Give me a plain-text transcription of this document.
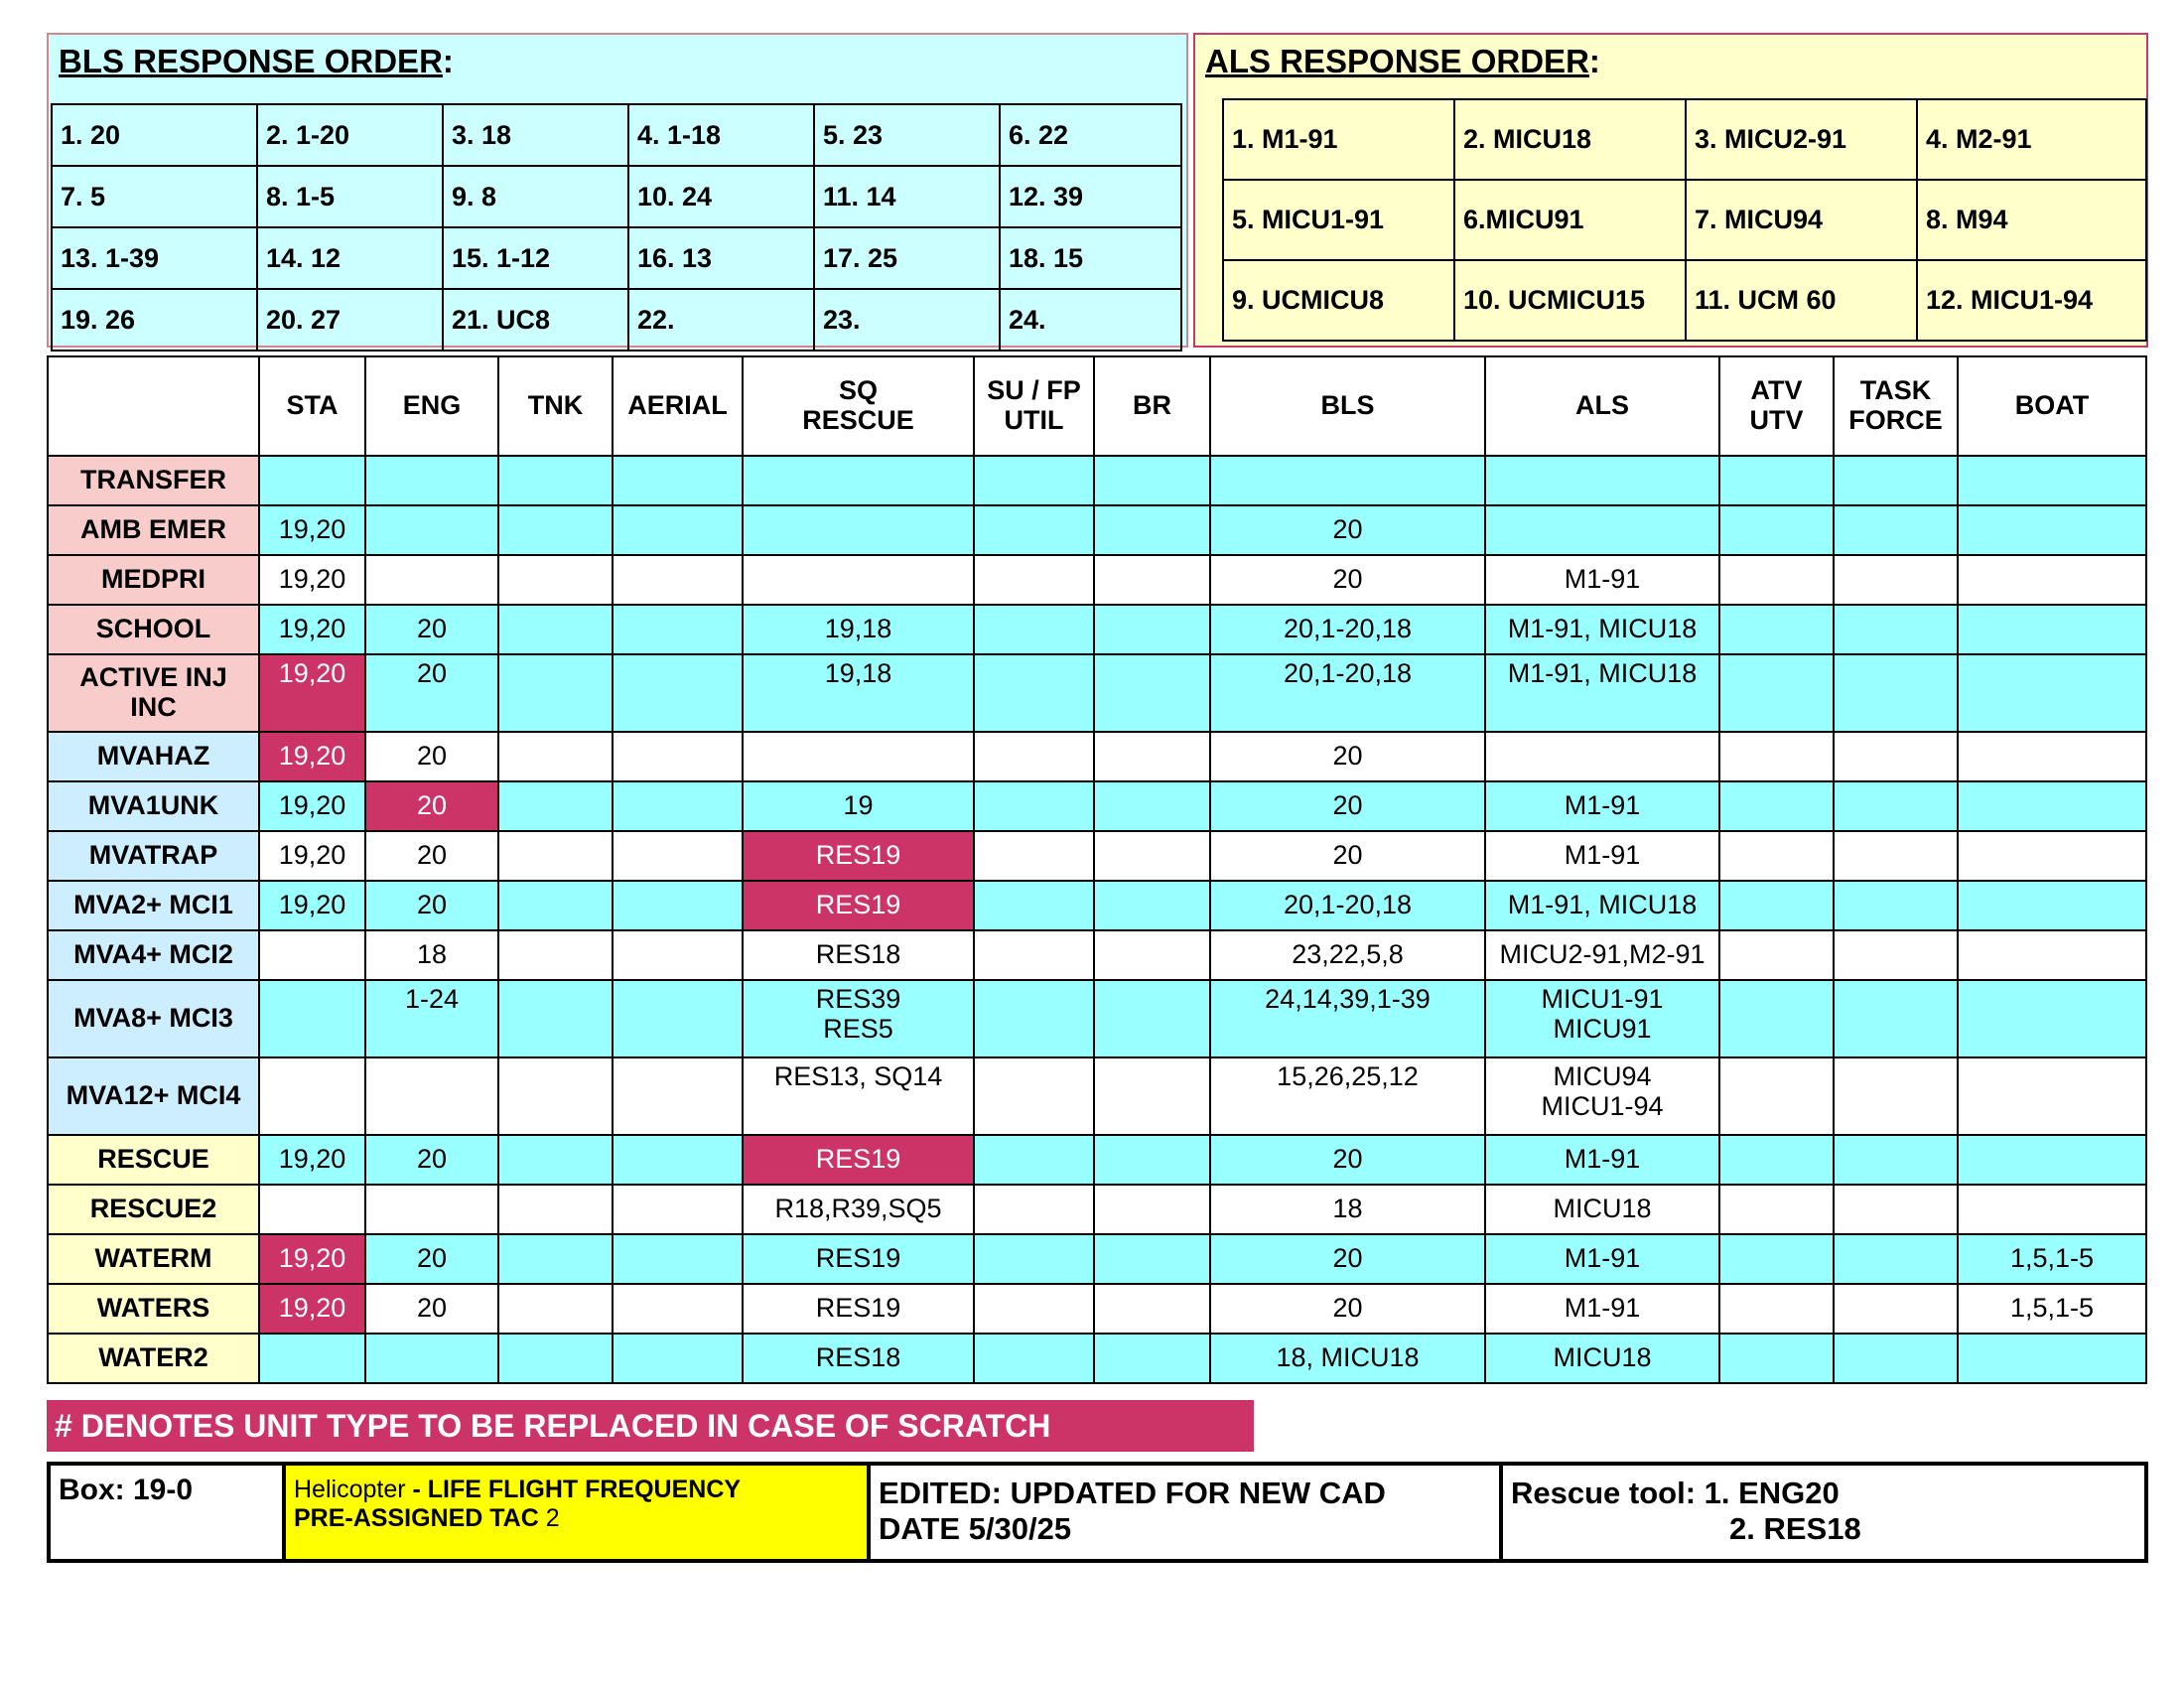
BLS RESPONSE ORDER:
1. 20	2. 1-20	3. 18	4. 1-18	5. 23	6. 22
7. 5	8. 1-5	9. 8	10. 24	11. 14	12. 39
13. 1-39	14. 12	15. 1-12	16. 13	17. 25	18. 15
19. 26	20. 27	21. UC8	22.	23.	24.
ALS RESPONSE ORDER:
1. M1-91	2. MICU18	3. MICU2-91	4. M2-91
5. MICU1-91	6.MICU91	7. MICU94	8. M94
9. UCMICU8	10. UCMICU15	11. UCM 60	12. MICU1-94
	STA	ENG	TNK	AERIAL	SQ
RESCUE	SU / FP
UTIL	BR	BLS	ALS	ATV
UTV	TASK
FORCE	BOAT
TRANSFER												
AMB EMER	19,20							20				
MEDPRI	19,20							20	M1-91			
SCHOOL	19,20	20			19,18			20,1-20,18	M1-91, MICU18			
ACTIVE INJ
INC	19,20	20			19,18			20,1-20,18	M1-91, MICU18			
MVAHAZ	19,20	20						20				
MVA1UNK	19,20	20			19			20	M1-91			
MVATRAP	19,20	20			RES19			20	M1-91			
MVA2+ MCI1	19,20	20			RES19			20,1-20,18	M1-91, MICU18			
MVA4+ MCI2		18			RES18			23,22,5,8	MICU2-91,M2-91			
MVA8+ MCI3		1-24			RES39
RES5			24,14,39,1-39	MICU1-91
MICU91			
MVA12+ MCI4					RES13, SQ14			15,26,25,12	MICU94
MICU1-94			
RESCUE	19,20	20			RES19			20	M1-91			
RESCUE2					R18,R39,SQ5			18	MICU18			
WATERM	19,20	20			RES19			20	M1-91			1,5,1-5
WATERS	19,20	20			RES19			20	M1-91			1,5,1-5
WATER2					RES18			18, MICU18	MICU18			
# DENOTES UNIT TYPE TO BE REPLACED IN CASE OF SCRATCH
Box: 19-0	Helicopter - LIFE FLIGHT FREQUENCY
PRE-ASSIGNED TAC 2
EDITED: UPDATED FOR NEW CAD
DATE 5/30/25
Rescue tool: 1. ENG20
2. RES18
